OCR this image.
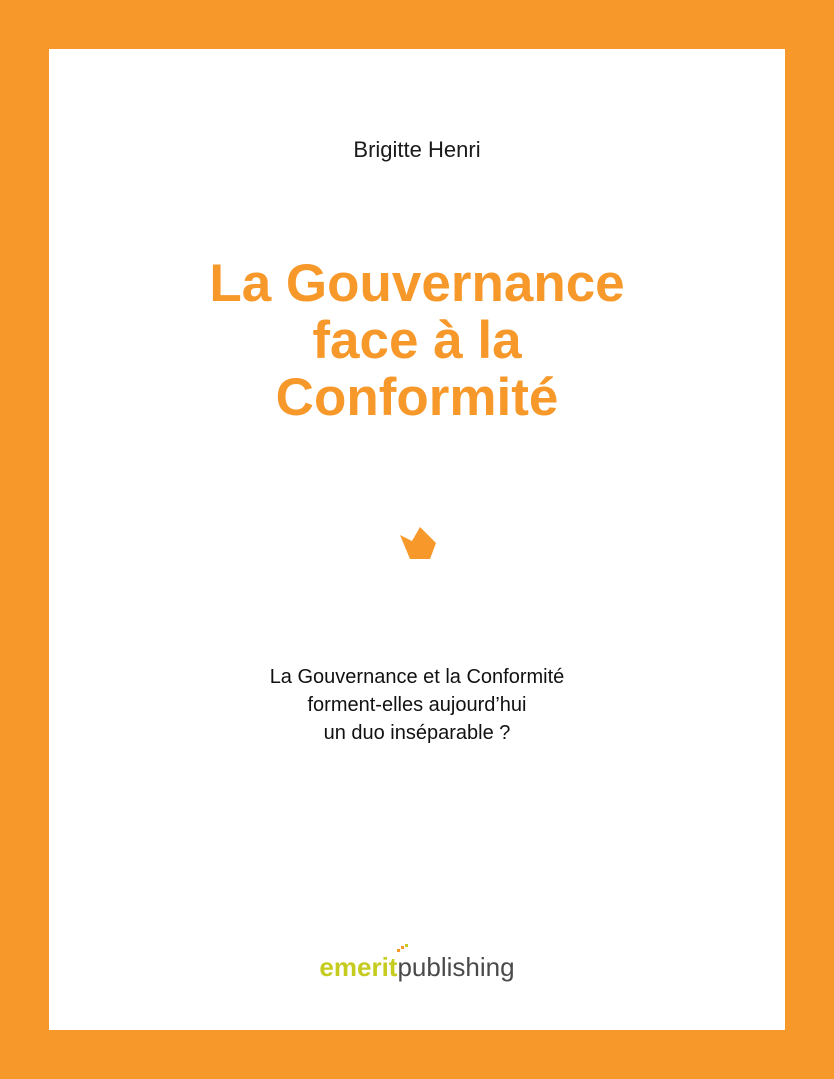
Brigitte Henri
La Gouvernance
face à la
Conformité
La Gouvernance et la Conformité
forment-elles aujourd’hui
un duo inséparable ?
emeritpublishing
